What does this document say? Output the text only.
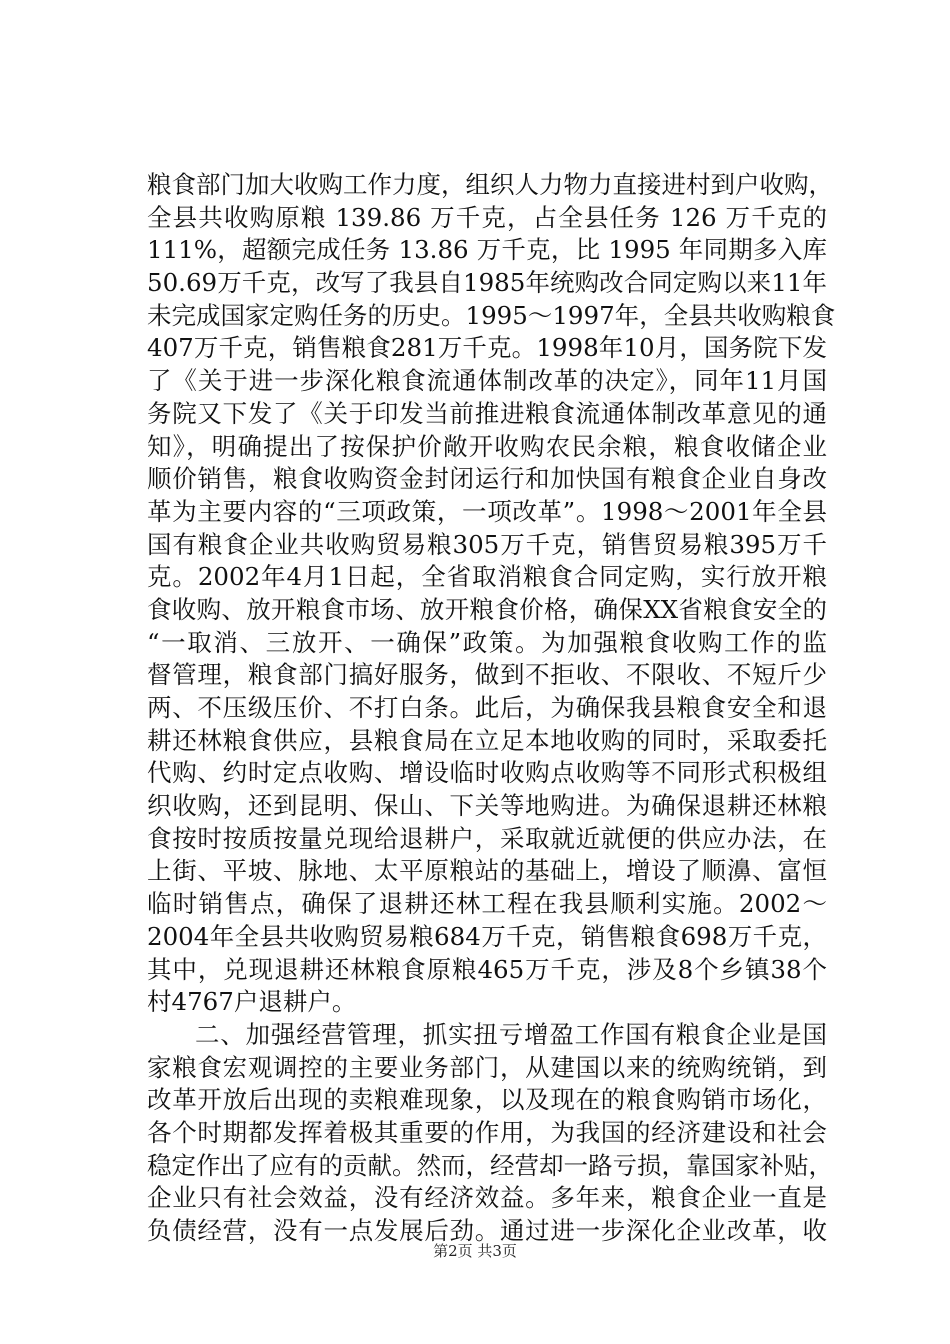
粮食部门加大收购工作力度，组织人力物力直接进村到户收购，
全县共收购原粮 139.86 万千克，占全县任务 126 万千克的
111%，超额完成任务 13.86 万千克，比 1995 年同期多入库
50.69万千克，改写了我县自1985年统购改合同定购以来11年
未完成国家定购任务的历史。1995～1997年，全县共收购粮食
407万千克，销售粮食281万千克。1998年10月，国务院下发
了《关于进一步深化粮食流通体制改革的决定》，同年11月国
务院又下发了《关于印发当前推进粮食流通体制改革意见的通
知》，明确提出了按保护价敞开收购农民余粮，粮食收储企业
顺价销售，粮食收购资金封闭运行和加快国有粮食企业自身改
革为主要内容的“三项政策，一项改革”。1998～2001年全县
国有粮食企业共收购贸易粮305万千克，销售贸易粮395万千
克。2002年4月1日起，全省取消粮食合同定购，实行放开粮
食收购、放开粮食市场、放开粮食价格，确保XX省粮食安全的
“一取消、三放开、一确保”政策。为加强粮食收购工作的监
督管理，粮食部门搞好服务，做到不拒收、不限收、不短斤少
两、不压级压价、不打白条。此后，为确保我县粮食安全和退
耕还林粮食供应，县粮食局在立足本地收购的同时，采取委托
代购、约时定点收购、增设临时收购点收购等不同形式积极组
织收购，还到昆明、保山、下关等地购进。为确保退耕还林粮
食按时按质按量兑现给退耕户，采取就近就便的供应办法，在
上街、平坡、脉地、太平原粮站的基础上，增设了顺濞、富恒
临时销售点，确保了退耕还林工程在我县顺利实施。2002～
2004年全县共收购贸易粮684万千克，销售粮食698万千克，
其中，兑现退耕还林粮食原粮465万千克，涉及8个乡镇38个
村4767户退耕户。
二、加强经营管理，抓实扭亏增盈工作国有粮食企业是国
家粮食宏观调控的主要业务部门，从建国以来的统购统销，到
改革开放后出现的卖粮难现象，以及现在的粮食购销市场化，
各个时期都发挥着极其重要的作用，为我国的经济建设和社会
稳定作出了应有的贡献。然而，经营却一路亏损，靠国家补贴，
企业只有社会效益，没有经济效益。多年来，粮食企业一直是
负债经营，没有一点发展后劲。通过进一步深化企业改革，收
第2页 共3页
